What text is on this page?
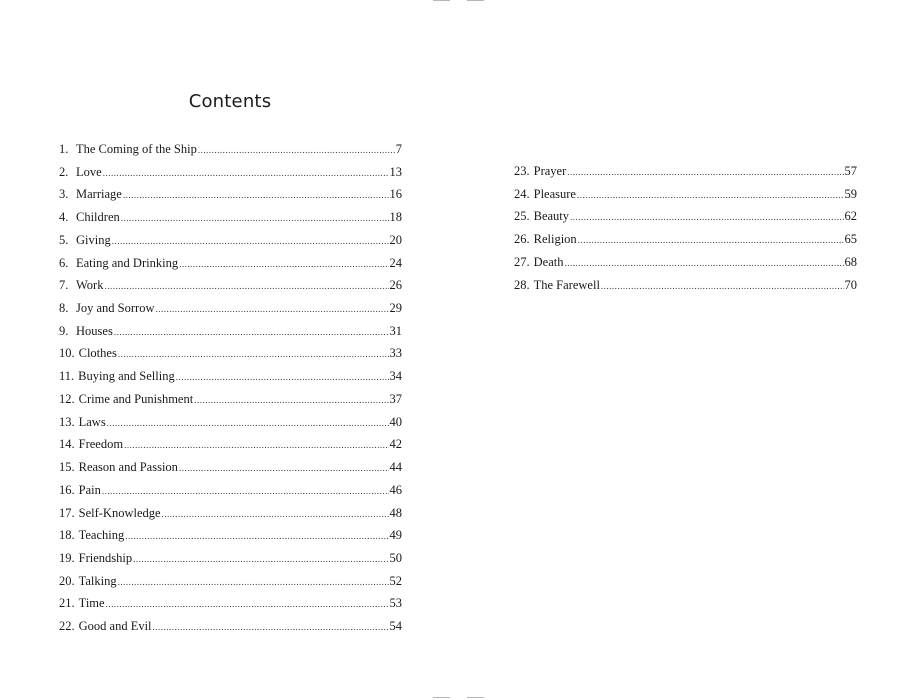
Contents
1. The Coming of the Ship .....	7
2. Love .....	13
3. Marriage .....	16
4. Children .....	18
5. Giving .....	20
6. Eating and Drinking .....	24
7. Work .....	26
8. Joy and Sorrow .....	29
9. Houses .....	31
10. Clothes .....	33
11. Buying and Selling .....	34
12. Crime and Punishment .....	37
13. Laws .....	40
14. Freedom .....	42
15. Reason and Passion .....	44
16. Pain .....	46
17. Self-Knowledge .....	48
18. Teaching .....	49
19. Friendship .....	50
20. Talking .....	52
21. Time .....	53
22. Good and Evil .....	54
23. Prayer .....	57
24. Pleasure .....	59
25. Beauty .....	62
26. Religion .....	65
27. Death .....	68
28. The Farewell .....	70
